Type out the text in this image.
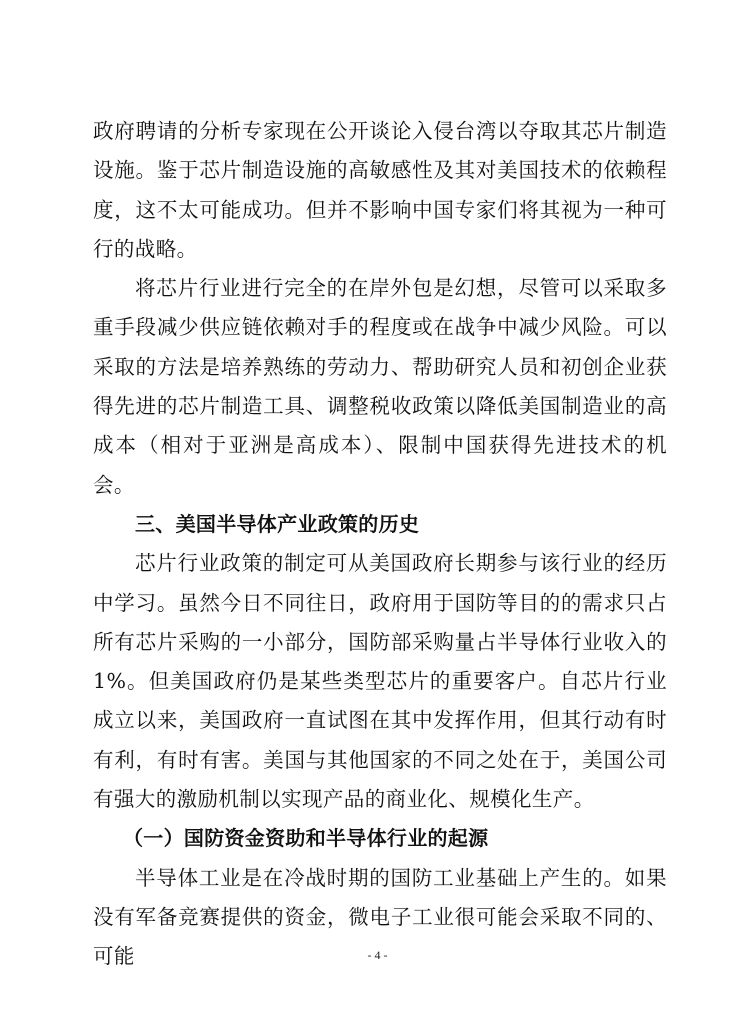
政府聘请的分析专家现在公开谈论入侵台湾以夺取其芯片制造设施。鉴于芯片制造设施的高敏感性及其对美国技术的依赖程度，这不太可能成功。但并不影响中国专家们将其视为一种可行的战略。

将芯片行业进行完全的在岸外包是幻想，尽管可以采取多重手段减少供应链依赖对手的程度或在战争中减少风险。可以采取的方法是培养熟练的劳动力、帮助研究人员和初创企业获得先进的芯片制造工具、调整税收政策以降低美国制造业的高成本（相对于亚洲是高成本）、限制中国获得先进技术的机会。

三、美国半导体产业政策的历史

芯片行业政策的制定可从美国政府长期参与该行业的经历中学习。虽然今日不同往日，政府用于国防等目的的需求只占所有芯片采购的一小部分，国防部采购量占半导体行业收入的1%。但美国政府仍是某些类型芯片的重要客户。自芯片行业成立以来，美国政府一直试图在其中发挥作用，但其行动有时有利，有时有害。美国与其他国家的不同之处在于，美国公司有强大的激励机制以实现产品的商业化、规模化生产。

（一）国防资金资助和半导体行业的起源

半导体工业是在冷战时期的国防工业基础上产生的。如果没有军备竞赛提供的资金，微电子工业很可能会采取不同的、可能	- 4 -
